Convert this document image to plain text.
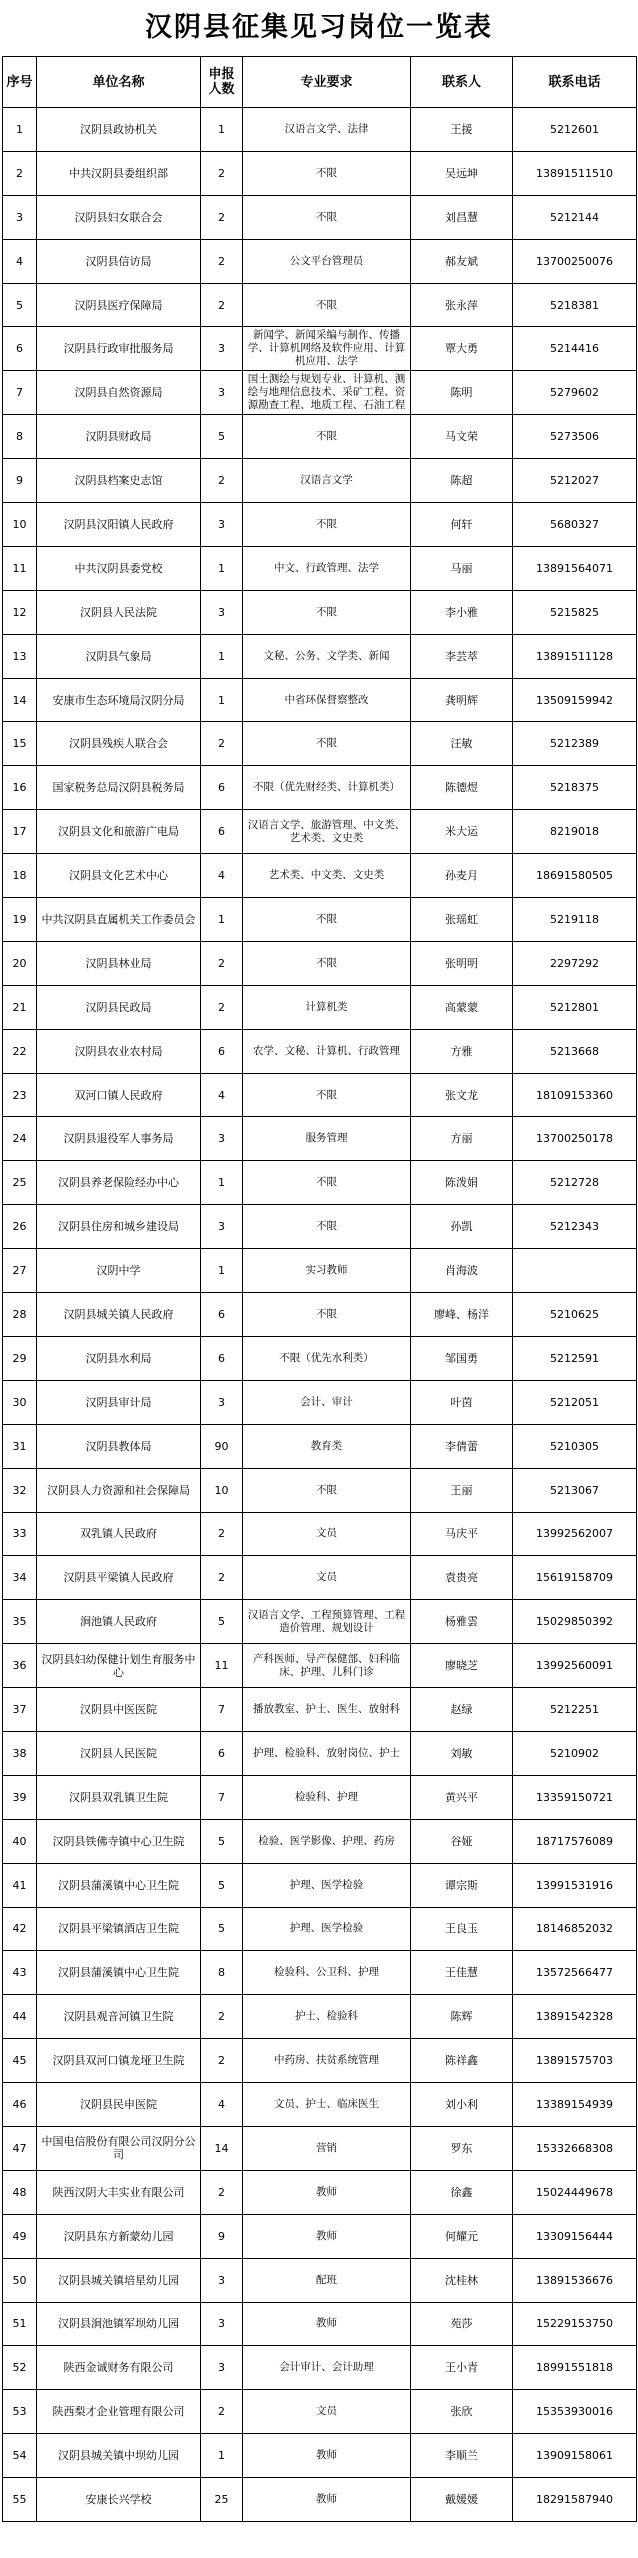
汉阴县征集见习岗位一览表
序号	单位名称	申报人数	专业要求	联系人	联系电话
1	汉阴县政协机关	1	汉语言文学、法律	王援	5212601
2	中共汉阴县委组织部	2	不限	吴远坤	13891511510
3	汉阴县妇女联合会	2	不限	刘昌慧	5212144
4	汉阴县信访局	2	公文平台管理员	郝友斌	13700250076
5	汉阴县医疗保障局	2	不限	张永萍	5218381
6	汉阴县行政审批服务局	3	新闻学、新闻采编与制作、传播学、计算机网络及软件应用、计算机应用、法学	覃大勇	5214416
7	汉阴县自然资源局	3	国土测绘与规划专业、计算机、测绘与地理信息技术、采矿工程、资源勘查工程、地质工程、石油工程	陈明	5279602
8	汉阴县财政局	5	不限	马文荣	5273506
9	汉阴县档案史志馆	2	汉语言文学	陈超	5212027
10	汉阴县汉阳镇人民政府	3	不限	何轩	5680327
11	中共汉阴县委党校	1	中文、行政管理、法学	马丽	13891564071
12	汉阴县人民法院	3	不限	李小雅	5215825
13	汉阴县气象局	1	文秘、公务、文学类、新闻	李芸萃	13891511128
14	安康市生态环境局汉阴分局	1	中省环保督察整改	龚明辉	13509159942
15	汉阴县残疾人联合会	2	不限	汪敏	5212389
16	国家税务总局汉阴县税务局	6	不限（优先财经类、计算机类）	陈德煜	5218375
17	汉阴县文化和旅游广电局	6	汉语言文学、旅游管理、中文类、艺术类、文史类	米大运	8219018
18	汉阴县文化艺术中心	4	艺术类、中文类、文史类	孙麦月	18691580505
19	中共汉阴县直属机关工作委员会	1	不限	张瑶虹	5219118
20	汉阴县林业局	2	不限	张明明	2297292
21	汉阴县民政局	2	计算机类	高蒙蒙	5212801
22	汉阴县农业农村局	6	农学、文秘、计算机、行政管理	方雅	5213668
23	双河口镇人民政府	4	不限	张文龙	18109153360
24	汉阴县退役军人事务局	3	服务管理	方丽	13700250178
25	汉阴县养老保险经办中心	1	不限	陈泼娟	5212728
26	汉阴县住房和城乡建设局	3	不限	孙凯	5212343
27	汉阴中学	1	实习教师	肖海波	
28	汉阴县城关镇人民政府	6	不限	廖峰、杨洋	5210625
29	汉阴县水利局	6	不限（优先水利类）	邹国勇	5212591
30	汉阴县审计局	3	会计、审计	叶茵	5212051
31	汉阴县教体局	90	教育类	李倩蕾	5210305
32	汉阴县人力资源和社会保障局	10	不限	王丽	5213067
33	双乳镇人民政府	2	文员	马庆平	13992562007
34	汉阴县平梁镇人民政府	2	文员	袁贵亮	15619158709
35	涧池镇人民政府	5	汉语言文学、工程预算管理、工程造价管理、规划设计	杨雅雲	15029850392
36	汉阴县妇幼保健计划生育服务中心	11	产科医师、导产保健部、妇科临床、护理、儿科门诊	廖晓芝	13992560091
37	汉阴县中医医院	7	播放教室、护士、医生、放射科	赵绿	5212251
38	汉阴县人民医院	6	护理、检验科、放射岗位、护士	刘敏	5210902
39	汉阴县双乳镇卫生院	7	检验科、护理	黄兴平	13359150721
40	汉阴县铁佛寺镇中心卫生院	5	检验、医学影像、护理、药房	谷娅	18717576089
41	汉阴县蒲溪镇中心卫生院	5	护理、医学检验	谭宗斯	13991531916
42	汉阴县平梁镇酒店卫生院	5	护理、医学检验	王良玉	18146852032
43	汉阴县蒲溪镇中心卫生院	8	检验科、公卫科、护理	王佳慧	13572566477
44	汉阴县观音河镇卫生院	2	护士、检验科	陈辉	13891542328
45	汉阴县双河口镇龙垭卫生院	2	中药房、扶贫系统管理	陈祥鑫	13891575703
46	汉阴县民申医院	4	文员、护士、临床医生	刘小利	13389154939
47	中国电信股份有限公司汉阴分公司	14	营销	罗东	15332668308
48	陕西汉阴大丰实业有限公司	2	教师	徐鑫	15024449678
49	汉阴县东方新蒙幼儿园	9	教师	何耀元	13309156444
50	汉阴县城关镇培星幼儿园	3	配班	沈桂林	13891536676
51	汉阴县涧池镇军坝幼儿园	3	教师	苑莎	15229153750
52	陕西金诚财务有限公司	3	会计审计、会计助理	王小青	18991551818
53	陕西梨才企业管理有限公司	2	文员	张欣	15353930016
54	汉阴县城关镇中坝幼儿园	1	教师	李顺兰	13909158061
55	安康长兴学校	25	教师	戴媛媛	18291587940
